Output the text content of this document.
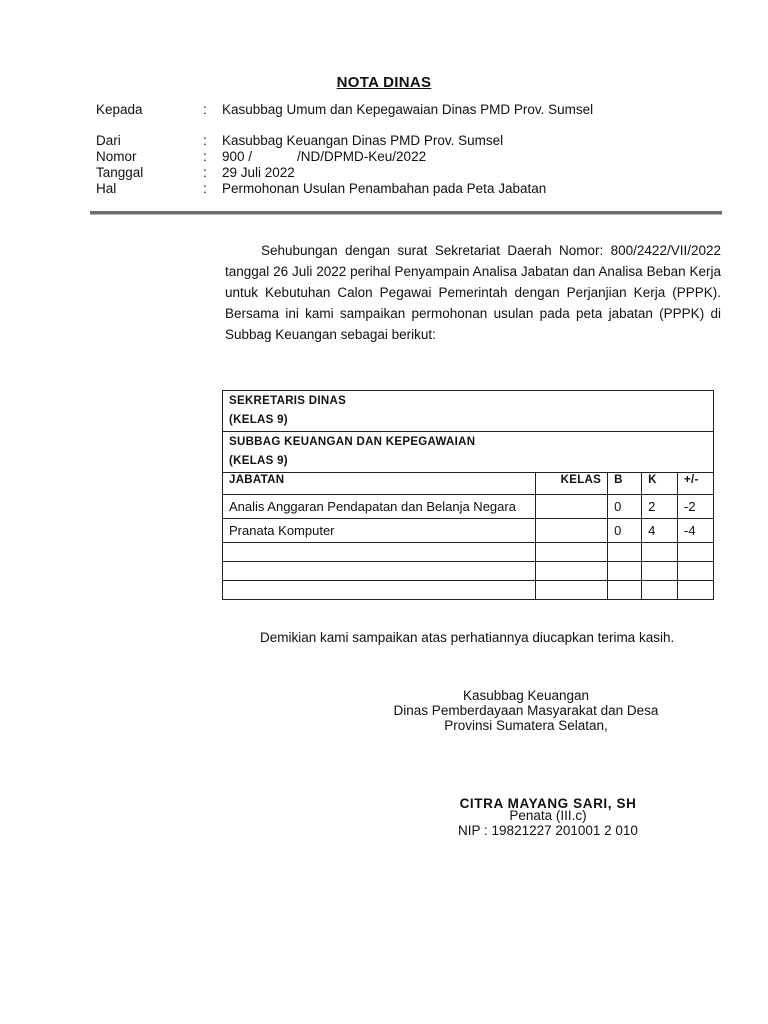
NOTA DINAS
Kepada	: Kasubbag Umum dan Kepegawaian Dinas PMD Prov. Sumsel
Dari	: Kasubbag Keuangan Dinas PMD Prov. Sumsel
Nomor	: 900 /            /ND/DPMD-Keu/2022
Tanggal	: 29 Juli 2022
Hal	: Permohonan Usulan Penambahan pada Peta Jabatan
Sehubungan dengan surat Sekretariat Daerah Nomor: 800/2422/VII/2022 tanggal 26 Juli 2022 perihal Penyampain Analisa Jabatan dan Analisa Beban Kerja untuk Kebutuhan Calon Pegawai Pemerintah dengan Perjanjian Kerja (PPPK). Bersama ini kami sampaikan permohonan usulan pada peta jabatan (PPPK) di Subbag Keuangan sebagai berikut:
SEKRETARIS DINAS
(KELAS 9)				

SUBBAG KEUANGAN DAN KEPEGAWAIAN
(KELAS 9)				

JABATAN	KELAS	B	K	+/-
Analis Anggaran Pendapatan dan Belanja Negara		0	2	-2
Pranata Komputer		0	4	-4

Demikian kami sampaikan atas perhatiannya diucapkan terima kasih.
Kasubbag Keuangan
Dinas Pemberdayaan Masyarakat dan Desa
Provinsi Sumatera Selatan,
CITRA MAYANG SARI, SH
Penata (III.c)
NIP : 19821227 201001 2 010
